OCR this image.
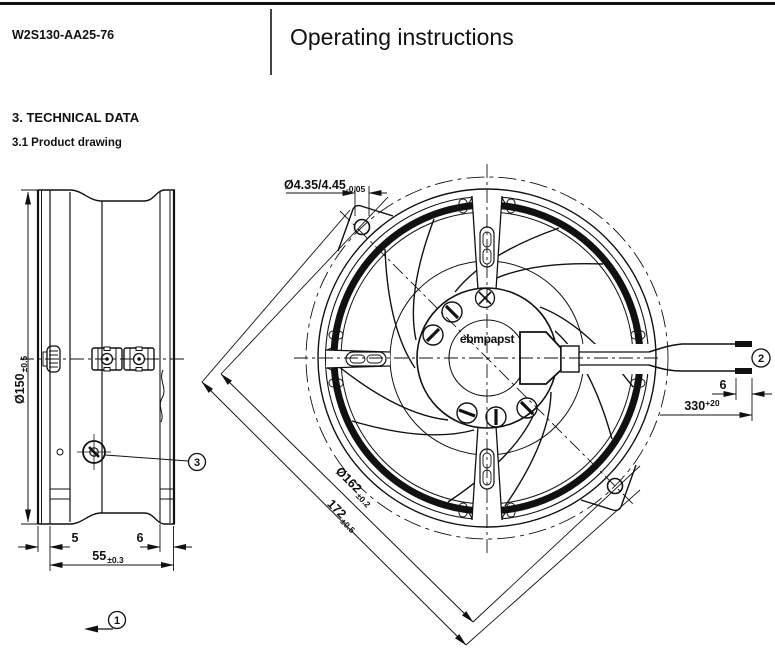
W2S130-AA25-76	Operating instructions
3. TECHNICAL DATA
3.1 Product drawing
3
5	6
$55_{\pm 0.3}$
$Ø150_{\pm 0.5}$
1
ebmpapst
2
6
$330^{+20}$
$Ø4.35/4.45_{-0.05}$
$Ø162_{\pm 0.2}$
$172_{\pm 0.5}$
